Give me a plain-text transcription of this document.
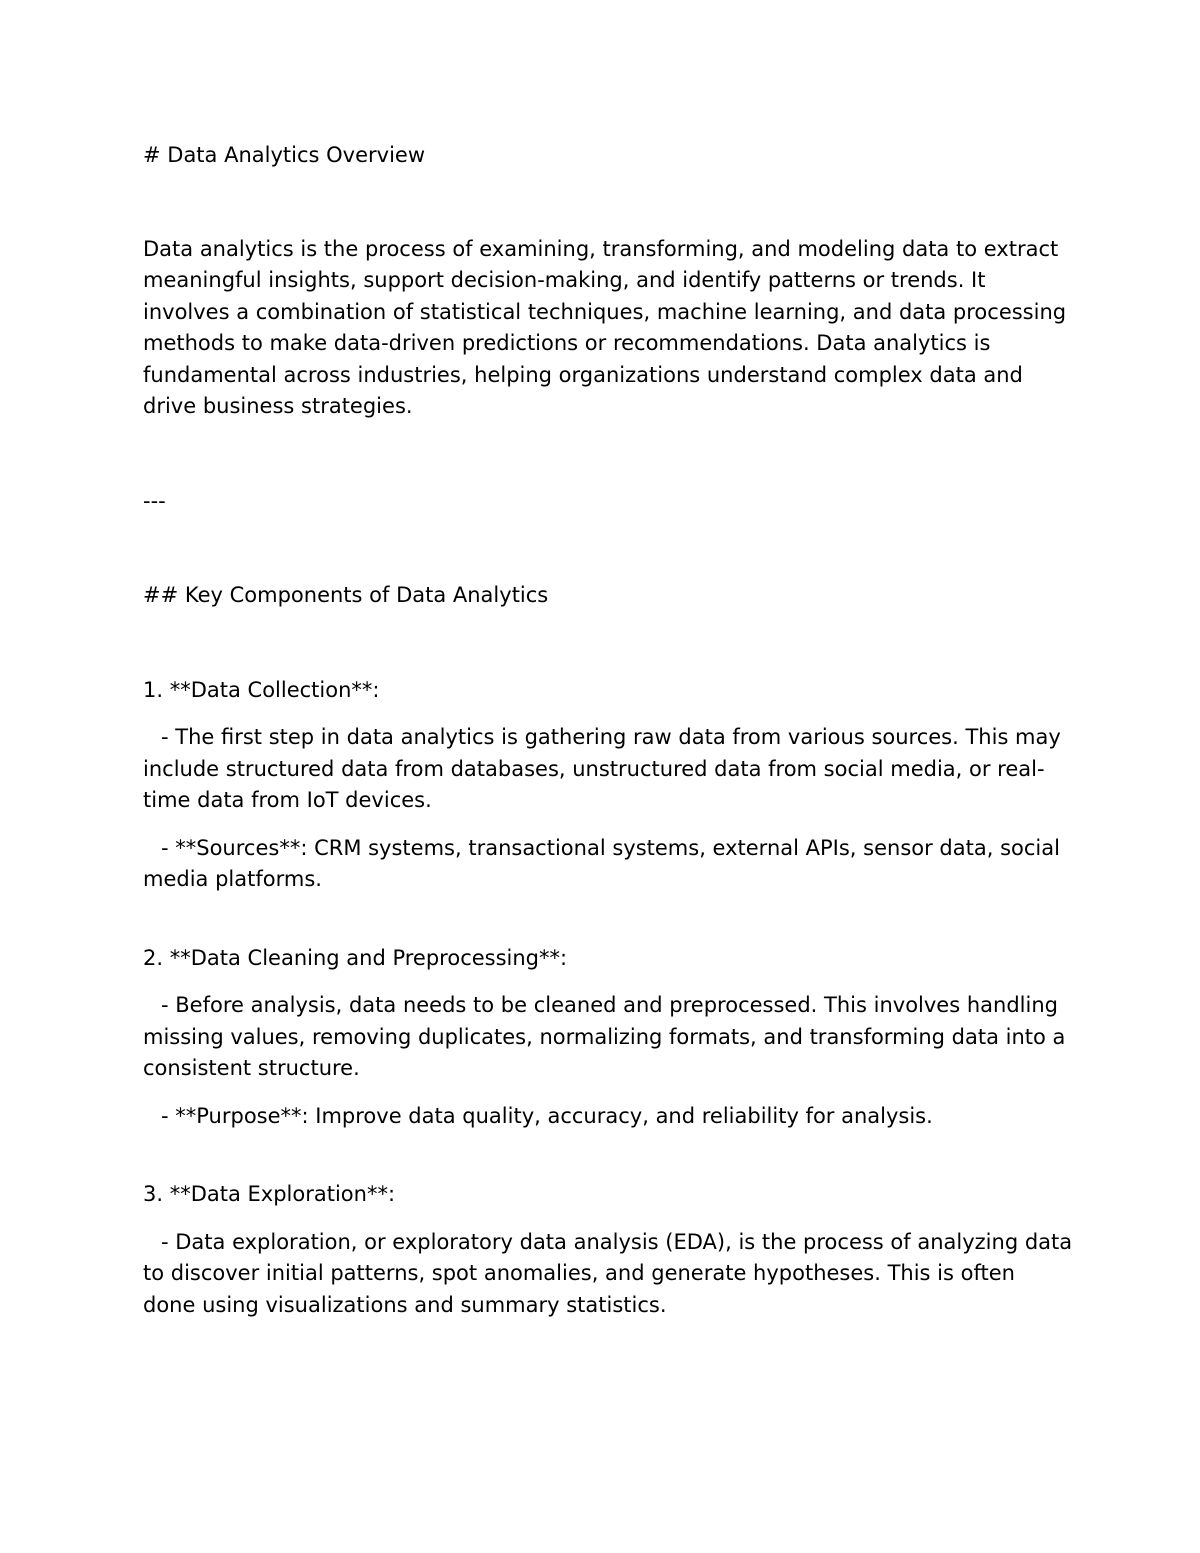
# Data Analytics Overview

Data analytics is the process of examining, transforming, and modeling data to extract meaningful insights, support decision-making, and identify patterns or trends. It involves a combination of statistical techniques, machine learning, and data processing methods to make data-driven predictions or recommendations. Data analytics is fundamental across industries, helping organizations understand complex data and drive business strategies.

---

## Key Components of Data Analytics

1. **Data Collection**:

- The first step in data analytics is gathering raw data from various sources. This may include structured data from databases, unstructured data from social media, or real-time data from IoT devices.

- **Sources**: CRM systems, transactional systems, external APIs, sensor data, social media platforms.

2. **Data Cleaning and Preprocessing**:

- Before analysis, data needs to be cleaned and preprocessed. This involves handling missing values, removing duplicates, normalizing formats, and transforming data into a consistent structure.

- **Purpose**: Improve data quality, accuracy, and reliability for analysis.

3. **Data Exploration**:

- Data exploration, or exploratory data analysis (EDA), is the process of analyzing data to discover initial patterns, spot anomalies, and generate hypotheses. This is often done using visualizations and summary statistics.
